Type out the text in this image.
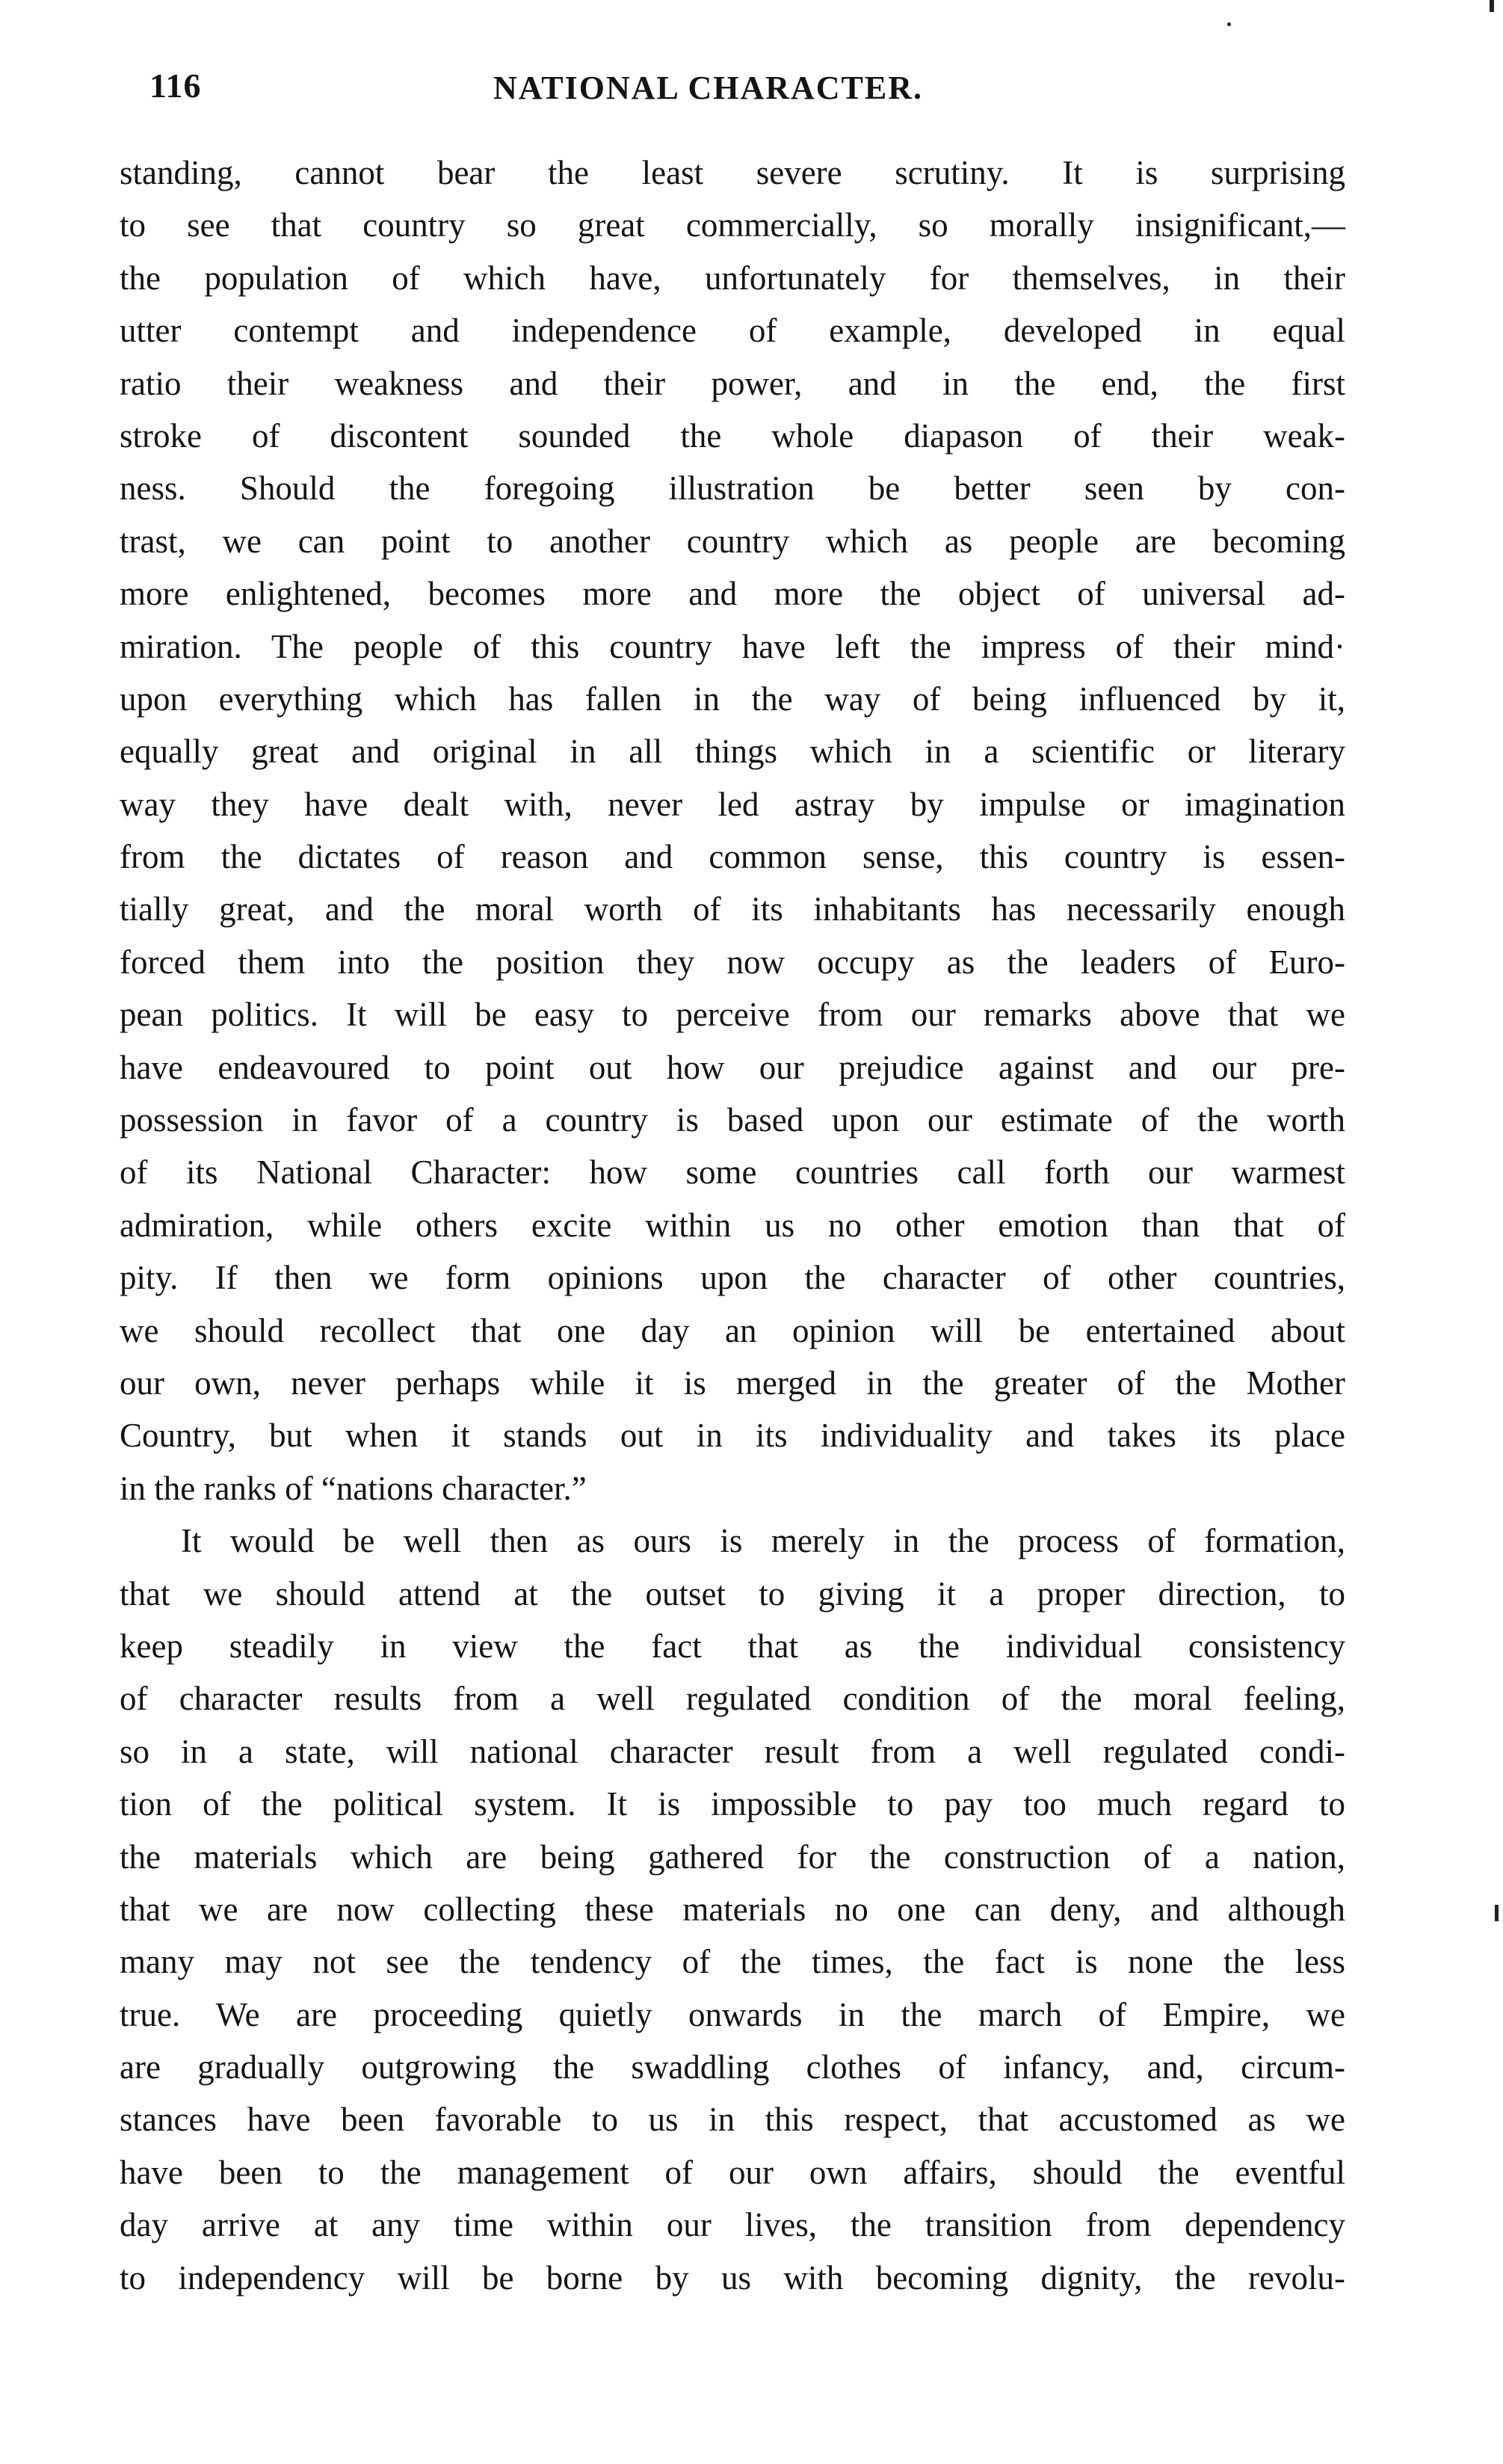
116	NATIONAL CHARACTER.
standing, cannot bear the least severe scrutiny. It is surprising
to see that country so great commercially, so morally insignificant,—
the population of which have, unfortunately for themselves, in their
utter contempt and independence of example, developed in equal
ratio their weakness and their power, and in the end, the first
stroke of discontent sounded the whole diapason of their weak-
ness. Should the foregoing illustration be better seen by con-
trast, we can point to another country which as people are becoming
more enlightened, becomes more and more the object of universal ad-
miration. The people of this country have left the impress of their mind·
upon everything which has fallen in the way of being influenced by it,
equally great and original in all things which in a scientific or literary
way they have dealt with, never led astray by impulse or imagination
from the dictates of reason and common sense, this country is essen-
tially great, and the moral worth of its inhabitants has necessarily enough
forced them into the position they now occupy as the leaders of Euro-
pean politics. It will be easy to perceive from our remarks above that we
have endeavoured to point out how our prejudice against and our pre-
possession in favor of a country is based upon our estimate of the worth
of its National Character: how some countries call forth our warmest
admiration, while others excite within us no other emotion than that of
pity. If then we form opinions upon the character of other countries,
we should recollect that one day an opinion will be entertained about
our own, never perhaps while it is merged in the greater of the Mother
Country, but when it stands out in its individuality and takes its place
in the ranks of “nations character.”
It would be well then as ours is merely in the process of formation,
that we should attend at the outset to giving it a proper direction, to
keep steadily in view the fact that as the individual consistency
of character results from a well regulated condition of the moral feeling,
so in a state, will national character result from a well regulated condi-
tion of the political system. It is impossible to pay too much regard to
the materials which are being gathered for the construction of a nation,
that we are now collecting these materials no one can deny, and although
many may not see the tendency of the times, the fact is none the less
true. We are proceeding quietly onwards in the march of Empire, we
are gradually outgrowing the swaddling clothes of infancy, and, circum-
stances have been favorable to us in this respect, that accustomed as we
have been to the management of our own affairs, should the eventful
day arrive at any time within our lives, the transition from dependency
to independency will be borne by us with becoming dignity, the revolu-
